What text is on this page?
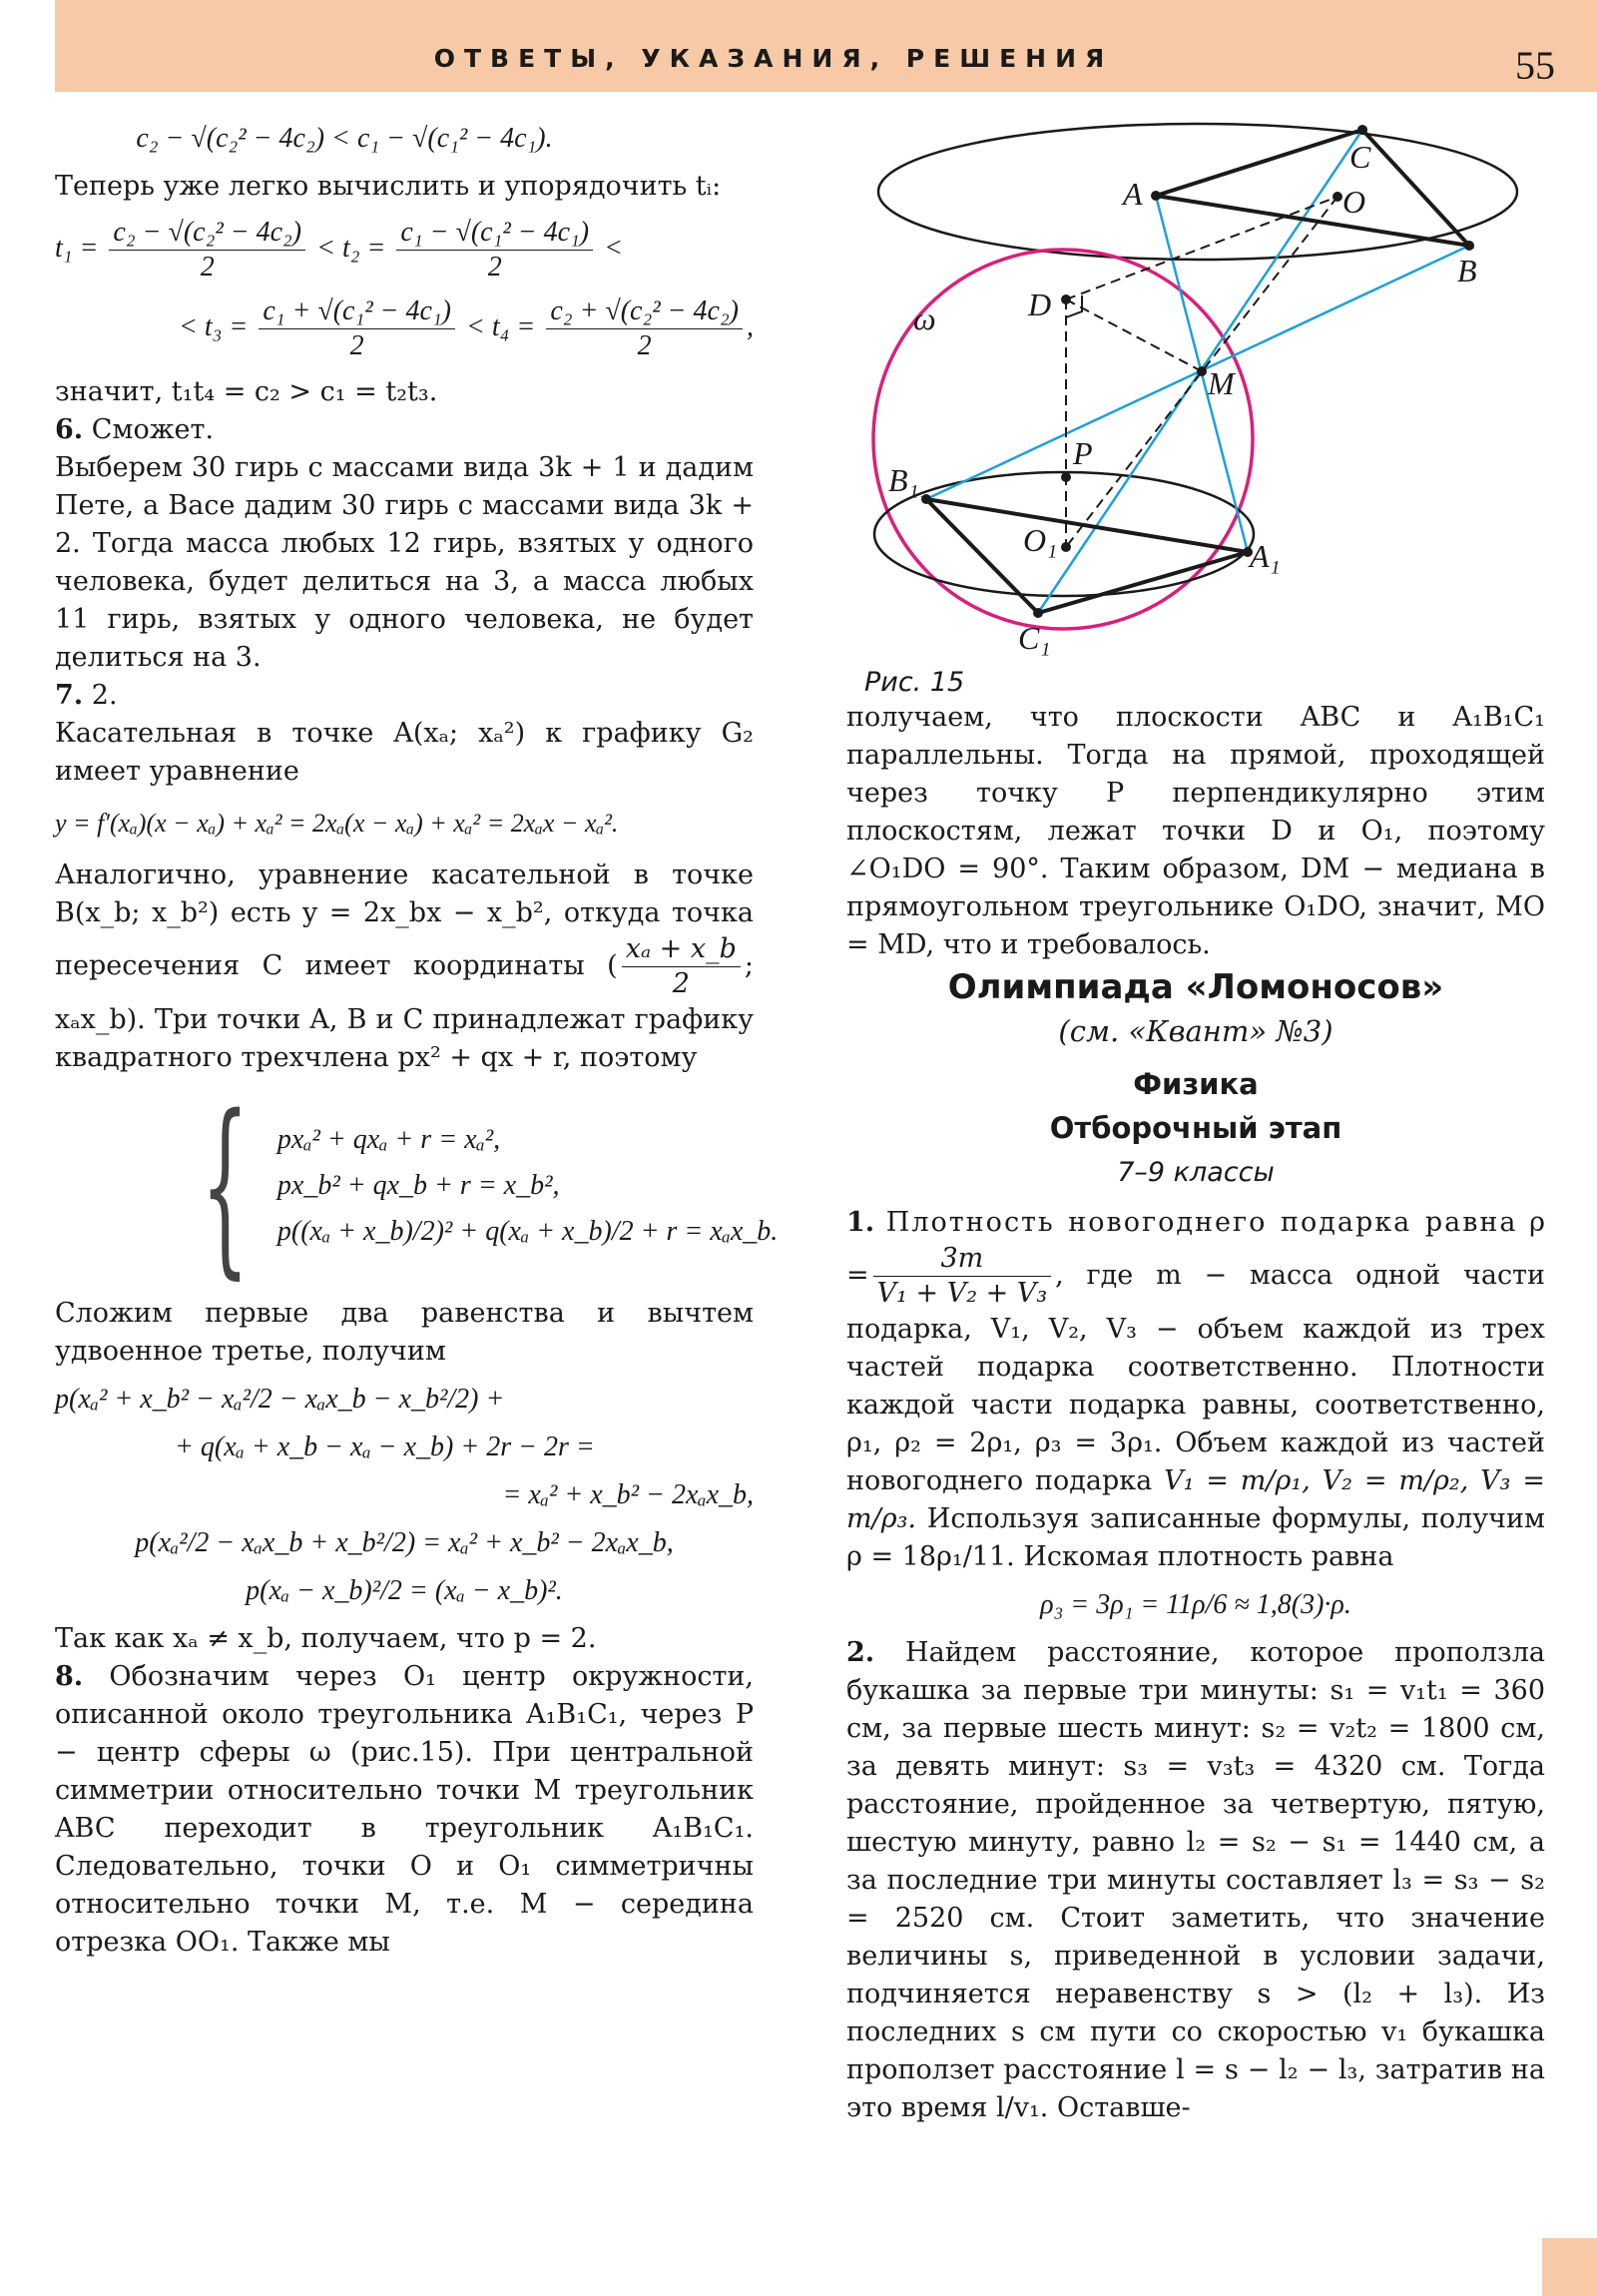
ОТВЕТЫ, УКАЗАНИЯ, РЕШЕНИЯ	55
c₂ − √(c₂² − 4c₂) < c₁ − √(c₁² − 4c₁).

Теперь уже легко вычислить и упорядочить tᵢ:

$t_1 = \frac{\text{c₂ − √(c₂² − 4c₂)}}{2} < t_2 = \frac{\text{c₁ − √(c₁² − 4c₁)}}{2}$ <
< $t_3 = \frac{\text{c₁ + √(c₁² − 4c₁)}}{2} < t_4 = \frac{\text{c₂ + √(c₂² − 4c₂)}}{2}$ ,

значит, t₁t₄ = c₂ > c₁ = t₂t₃.

6. Сможет.

Выберем 30 гирь с массами вида 3k + 1 и дадим Пете, а Васе дадим 30 гирь с массами вида 3k + 2. Тогда масса любых 12 гирь, взятых у одного человека, будет делиться на 3, а масса любых 11 гирь, взятых у одного человека, не будет делиться на 3.

7. 2.

Касательная в точке A(xₐ; xₐ²) к графику G₂ имеет уравнение

y = f′(xₐ)(x − xₐ) + xₐ² = 2xₐ(x − xₐ) + xₐ² = 2xₐx − xₐ².

Аналогично, уравнение касательной в точке B(x_b; x_b²) есть y = 2x_bx − x_b², откуда точка пересечения C имеет координаты ( $\frac{\text{xₐ + x\_b}}{2}$ ; xₐx_b). Три точки A, B и C принадлежат графику квадратного трехчлена px² + qx + r, поэтому

{ pxₐ² + qxₐ + r = xₐ²,
px_b² + qx_b + r = x_b²,
p((xₐ + x_b)/2)² + q(xₐ + x_b)/2 + r = xₐx_b.

Сложим первые два равенства и вычтем удвоенное третье, получим

p(xₐ² + x_b² − xₐ²/2 − xₐx_b − x_b²/2) +
+ q(xₐ + x_b − xₐ − x_b) + 2r − 2r =
= xₐ² + x_b² − 2xₐx_b,
p(xₐ²/2 − xₐx_b + x_b²/2) = xₐ² + x_b² − 2xₐx_b,
p(xₐ − x_b)²/2 = (xₐ − x_b)².

Так как xₐ ≠ x_b, получаем, что p = 2.

8. Обозначим через O₁ центр окружности, описанной около треугольника A₁B₁C₁, через P − центр сферы ω (рис.15). При центральной симметрии относительно точки M треугольник ABC переходит в треугольник A₁B₁C₁. Следовательно, точки O и O₁ симметричны относительно точки M, т.е. M − середина отрезка OO₁. Также мы

A
C
O
B
ω	D
M
P
B₁
O₁	A₁
C₁
Рис. 15

получаем, что плоскости ABC и A₁B₁C₁ параллельны. Тогда на прямой, проходящей через точку P перпендикулярно этим плоскостям, лежат точки D и O₁, поэтому ∠O₁DO = 90°. Таким образом, DM − медиана в прямоугольном треугольнике O₁DO, значит, MO = MD, что и требовалось.

Олимпиада «Ломоносов»
(см. «Квант» №3)
Физика
Отборочный этап
7–9 классы

1. Плотность новогоднего подарка равна $\rho = \frac{3m}{\text{V₁ + V₂ + V₃}}$ , где m − масса одной части подарка, V₁, V₂, V₃ − объем каждой из трех частей подарка соответственно. Плотности каждой части подарка равны, соответственно, ρ₁, ρ₂ = 2ρ₁, ρ₃ = 3ρ₁. Объем каждой из частей новогоднего подарка V₁ = m/ρ₁, V₂ = m/ρ₂, V₃ = m/ρ₃. Используя записанные формулы, получим ρ = 18ρ₁/11. Искомая плотность равна

ρ₃ = 3ρ₁ = 11ρ/6 ≈ 1,8(3)·ρ.

2. Найдем расстояние, которое проползла букашка за первые три минуты: s₁ = v₁t₁ = 360 см, за первые шесть минут: s₂ = v₂t₂ = 1800 см, за девять минут: s₃ = v₃t₃ = 4320 см. Тогда расстояние, пройденное за четвертую, пятую, шестую минуту, равно l₂ = s₂ − s₁ = 1440 см, а за последние три минуты составляет l₃ = s₃ − s₂ = 2520 см. Стоит заметить, что значение величины s, приведенной в условии задачи, подчиняется неравенству s > (l₂ + l₃). Из последних s см пути со скоростью v₁ букашка проползет расстояние l = s − l₂ − l₃, затратив на это время l/v₁. Оставше-
